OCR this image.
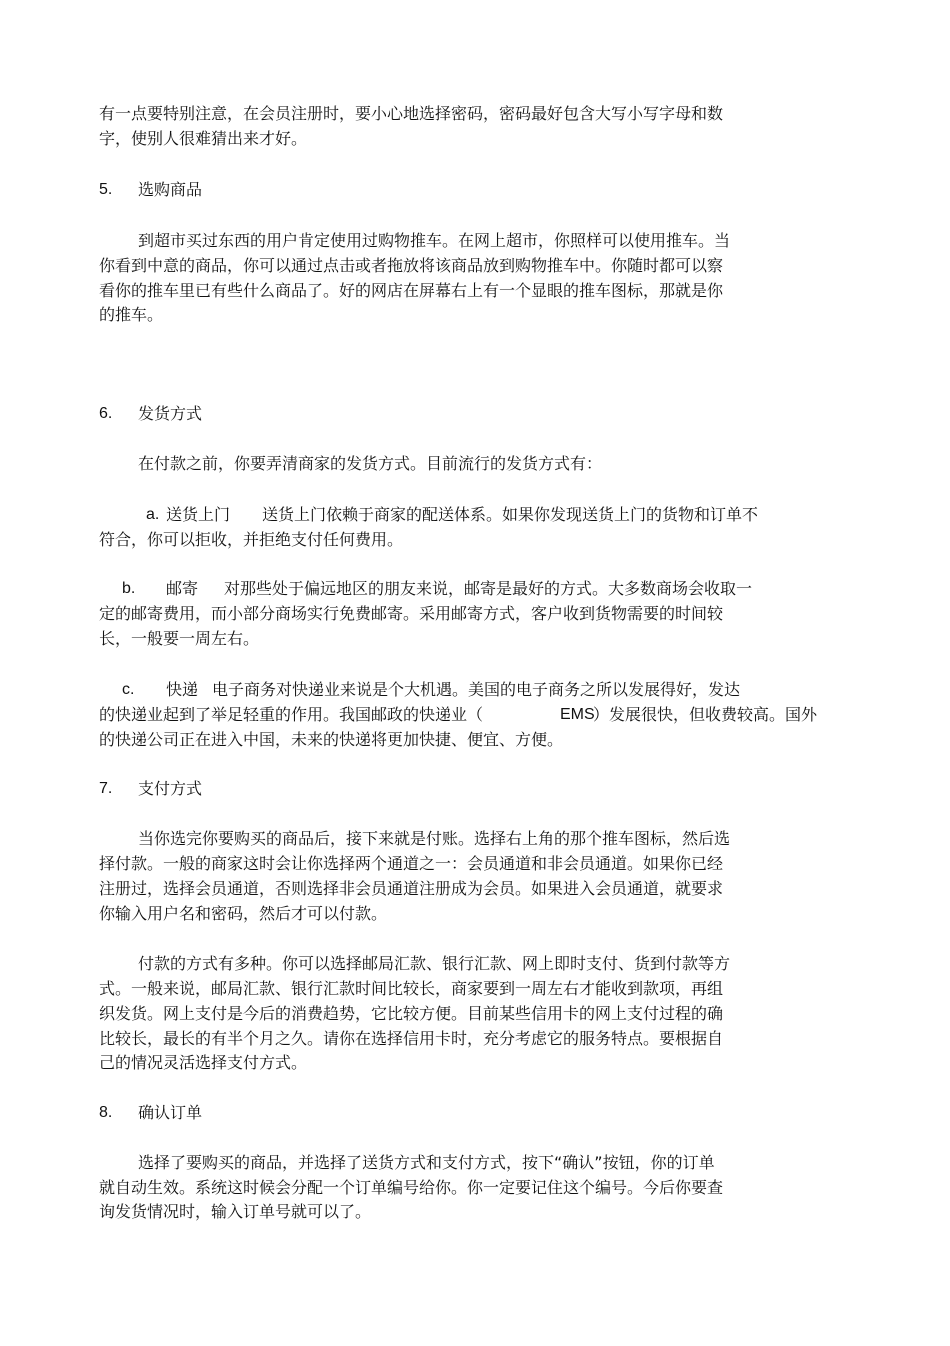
有一点要特别注意，在会员注册时，要小心地选择密码，密码最好包含大写小写字母和数
字，使别人很难猜出来才好。
5. 选购商品
到超市买过东西的用户肯定使用过购物推车。在网上超市，你照样可以使用推车。当
你看到中意的商品，你可以通过点击或者拖放将该商品放到购物推车中。你随时都可以察
看你的推车里已有些什么商品了。好的网店在屏幕右上有一个显眼的推车图标，那就是你
的推车。
6. 发货方式
在付款之前，你要弄清商家的发货方式。目前流行的发货方式有：
a. 送货上门 送货上门依赖于商家的配送体系。如果你发现送货上门的货物和订单不
符合，你可以拒收，并拒绝支付任何费用。
b. 邮寄 对那些处于偏远地区的朋友来说，邮寄是最好的方式。大多数商场会收取一
定的邮寄费用，而小部分商场实行免费邮寄。采用邮寄方式，客户收到货物需要的时间较
长，一般要一周左右。
c. 快递 电子商务对快递业来说是个大机遇。美国的电子商务之所以发展得好，发达
的快递业起到了举足轻重的作用。我国邮政的快递业（	EMS
）发展很快，但收费较高。国外
的快递公司正在进入中国，未来的快递将更加快捷、便宜、方便。
7. 支付方式
当你选完你要购买的商品后，接下来就是付账。选择右上角的那个推车图标，然后选
择付款。一般的商家这时会让你选择两个通道之一：会员通道和非会员通道。如果你已经
注册过，选择会员通道，否则选择非会员通道注册成为会员。如果进入会员通道，就要求
你输入用户名和密码，然后才可以付款。
付款的方式有多种。你可以选择邮局汇款、银行汇款、网上即时支付、货到付款等方
式。一般来说，邮局汇款、银行汇款时间比较长，商家要到一周左右才能收到款项，再组
织发货。网上支付是今后的消费趋势，它比较方便。目前某些信用卡的网上支付过程的确
比较长，最长的有半个月之久。请你在选择信用卡时，充分考虑它的服务特点。要根据自
己的情况灵活选择支付方式。
8. 确认订单
选择了要购买的商品，并选择了送货方式和支付方式，按下“确认”按钮，你的订单
就自动生效。系统这时候会分配一个订单编号给你。你一定要记住这个编号。今后你要查
询发货情况时，输入订单号就可以了。
